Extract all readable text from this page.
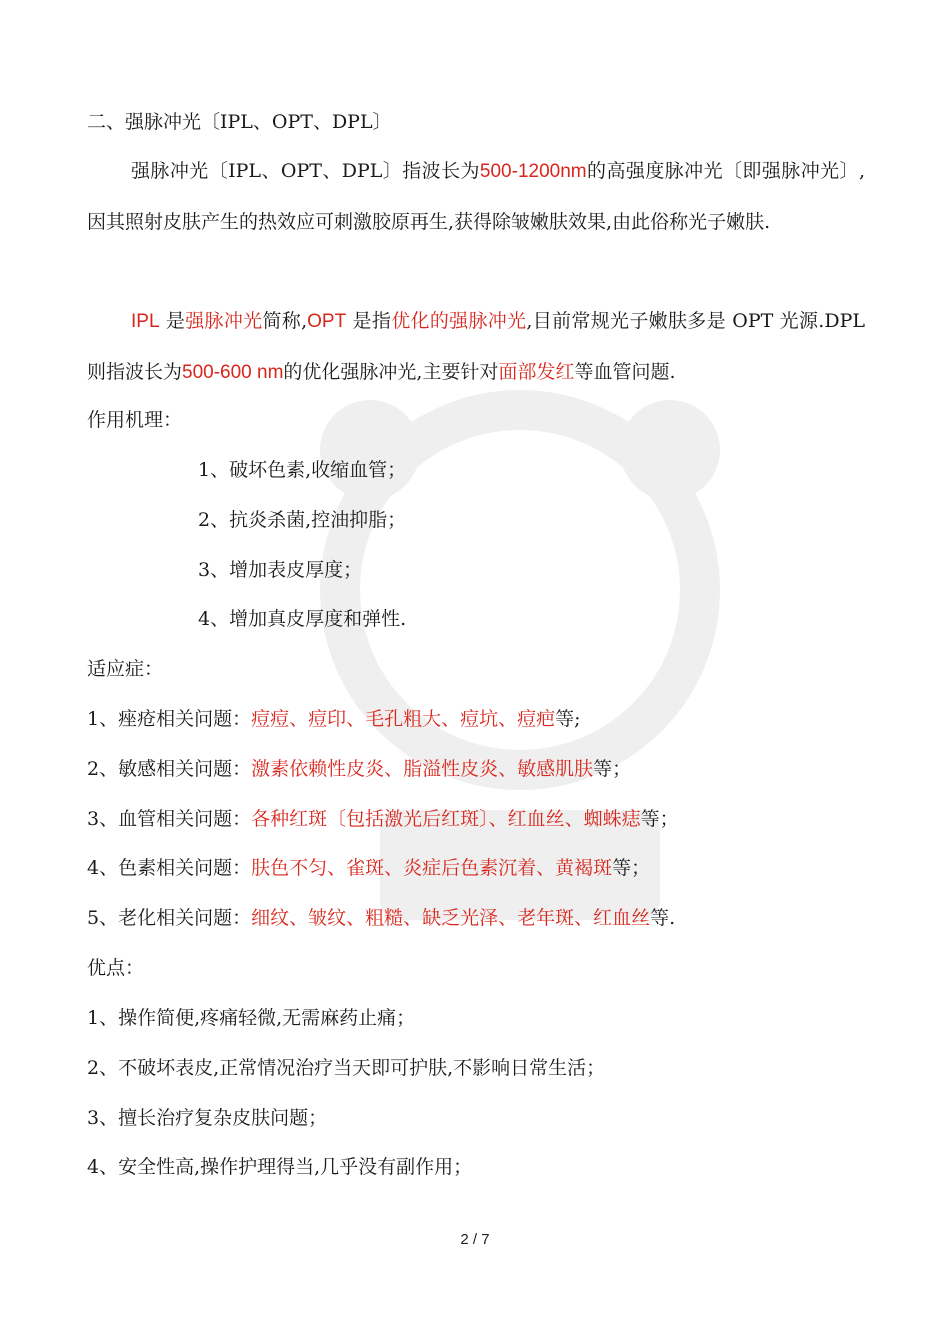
二、强脉冲光〔IPL、OPT、DPL〕
强脉冲光〔IPL、OPT、DPL〕指波长为500-1200nm的高强度脉冲光〔即强脉冲光〕,因其照射皮肤产生的热效应可刺激胶原再生,获得除皱嫩肤效果,由此俗称光子嫩肤.
IPL 是强脉冲光简称,OPT 是指优化的强脉冲光,目前常规光子嫩肤多是 OPT 光源.DPL 则指波长为500-600 nm的优化强脉冲光,主要针对面部发红等血管问题.
作用机理：
1、破坏色素,收缩血管；
2、抗炎杀菌,控油抑脂；
3、增加表皮厚度；
4、增加真皮厚度和弹性.
适应症：
1、痤疮相关问题：痘痘、痘印、毛孔粗大、痘坑、痘疤等;
2、敏感相关问题：激素依赖性皮炎、脂溢性皮炎、敏感肌肤等；
3、血管相关问题：各种红斑〔包括激光后红斑〕、红血丝、蜘蛛痣等；
4、色素相关问题：肤色不匀、雀斑、炎症后色素沉着、黄褐斑等；
5、老化相关问题：细纹、皱纹、粗糙、缺乏光泽、老年斑、红血丝等.
优点：
1、操作简便,疼痛轻微,无需麻药止痛；
2、不破坏表皮,正常情况治疗当天即可护肤,不影响日常生活；
3、擅长治疗复杂皮肤问题；
4、安全性高,操作护理得当,几乎没有副作用；
2 / 7
